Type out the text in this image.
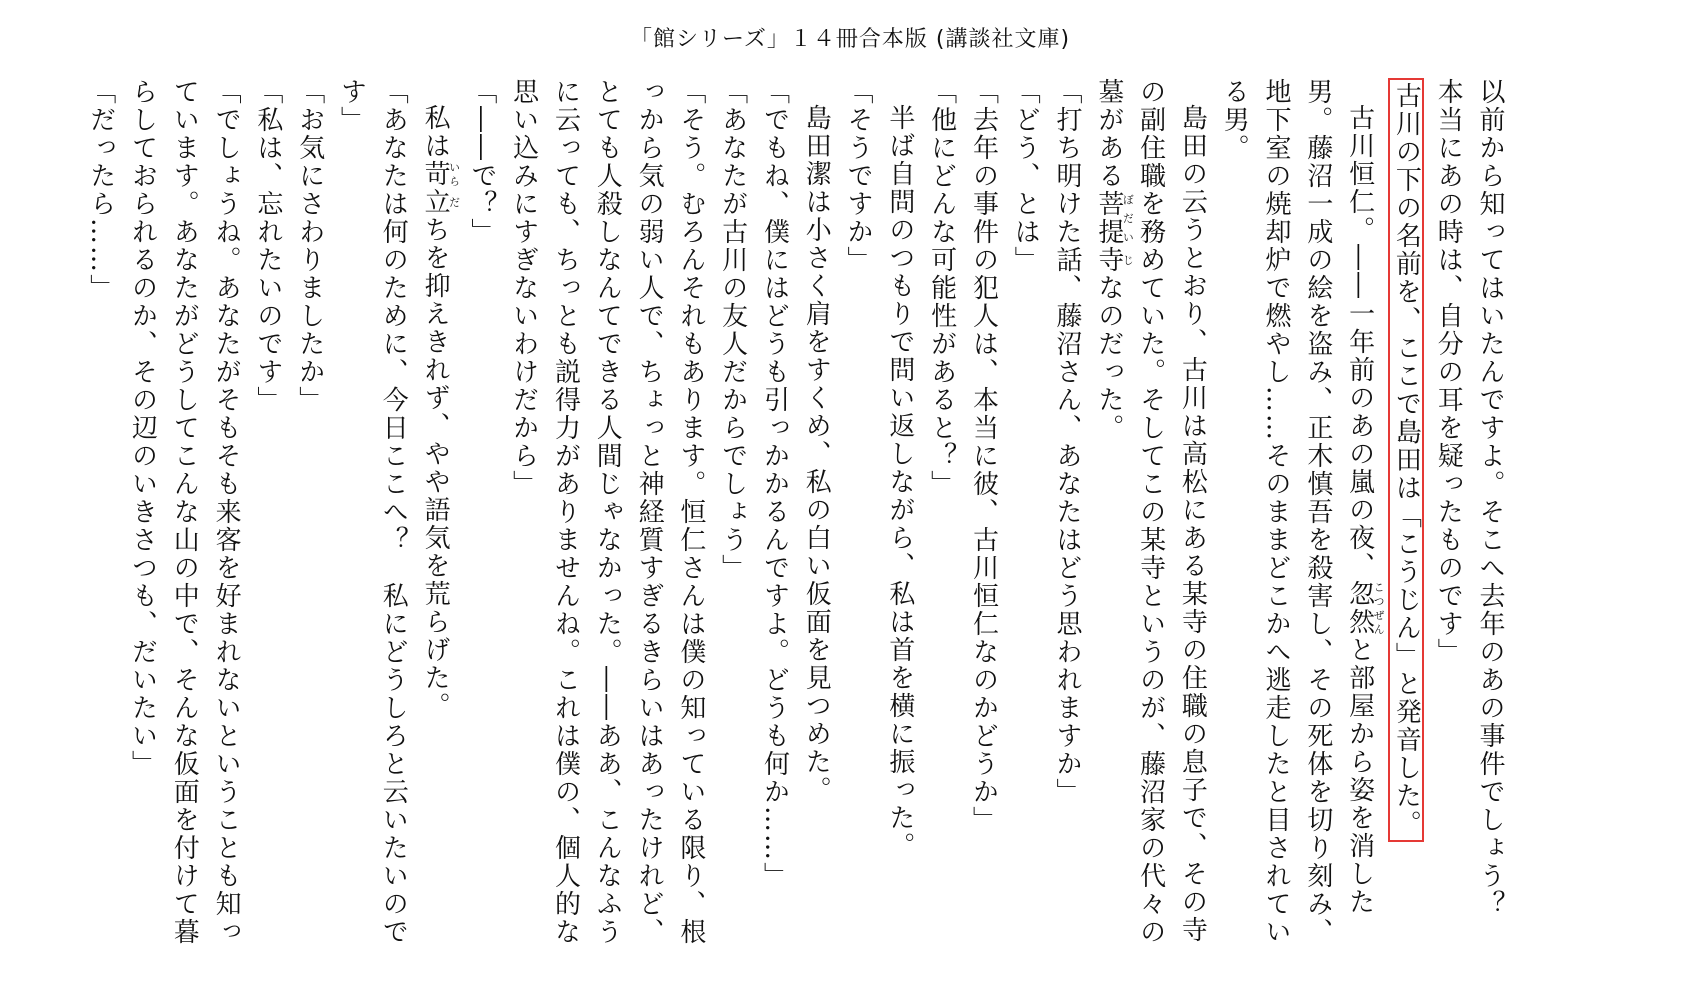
「館シリーズ」１４冊合本版 (講談社文庫)

以前から知ってはいたんですよ。そこへ去年のあの事件でしょう？　本当にあの時は、自分の耳を疑ったものです」

古川の下の名前を、ここで島田は「こうじん」と発音した。

古川恒仁。――一年前のあの嵐の夜、忽然こつぜんと部屋から姿を消した男。藤沼一成の絵を盗み、正木慎吾を殺害し、その死体を切り刻み、地下室の焼却炉で燃やし……そのままどこかへ逃走したと目されている男。

島田の云うとおり、古川は高松にある某寺の住職の息子で、その寺の副住職を務めていた。そしてこの某寺というのが、藤沼家の代々の墓がある菩提ぼだい寺じなのだった。

「打ち明けた話、藤沼さん、あなたはどう思われますか」

「どう、とは」

「去年の事件の犯人は、本当に彼、古川恒仁なのかどうか」

「他にどんな可能性があると？」

半ば自問のつもりで問い返しながら、私は首を横に振った。

「そうですか」

島田潔は小さく肩をすくめ、私の白い仮面を見つめた。

「でもね、僕にはどうも引っかかるんですよ。どうも何か……」

「あなたが古川の友人だからでしょう」

「そう。むろんそれもあります。恒仁さんは僕の知っている限り、根っから気の弱い人で、ちょっと神経質すぎるきらいはあったけれど、とても人殺しなんてできる人間じゃなかった。――ああ、こんなふうに云っても、ちっとも説得力がありませんね。これは僕の、個人的な思い込みにすぎないわけだから」

「――で？」

私は苛いら立だちを抑えきれず、やや語気を荒らげた。

「あなたは何のために、今日ここへ？　私にどうしろと云いたいのです」

「お気にさわりましたか」

「私は、忘れたいのです」

「でしょうね。あなたがそもそも来客を好まれないということも知っています。あなたがどうしてこんな山の中で、そんな仮面を付けて暮らしておられるのか、その辺のいきさつも、だいたい」

「だったら……」
